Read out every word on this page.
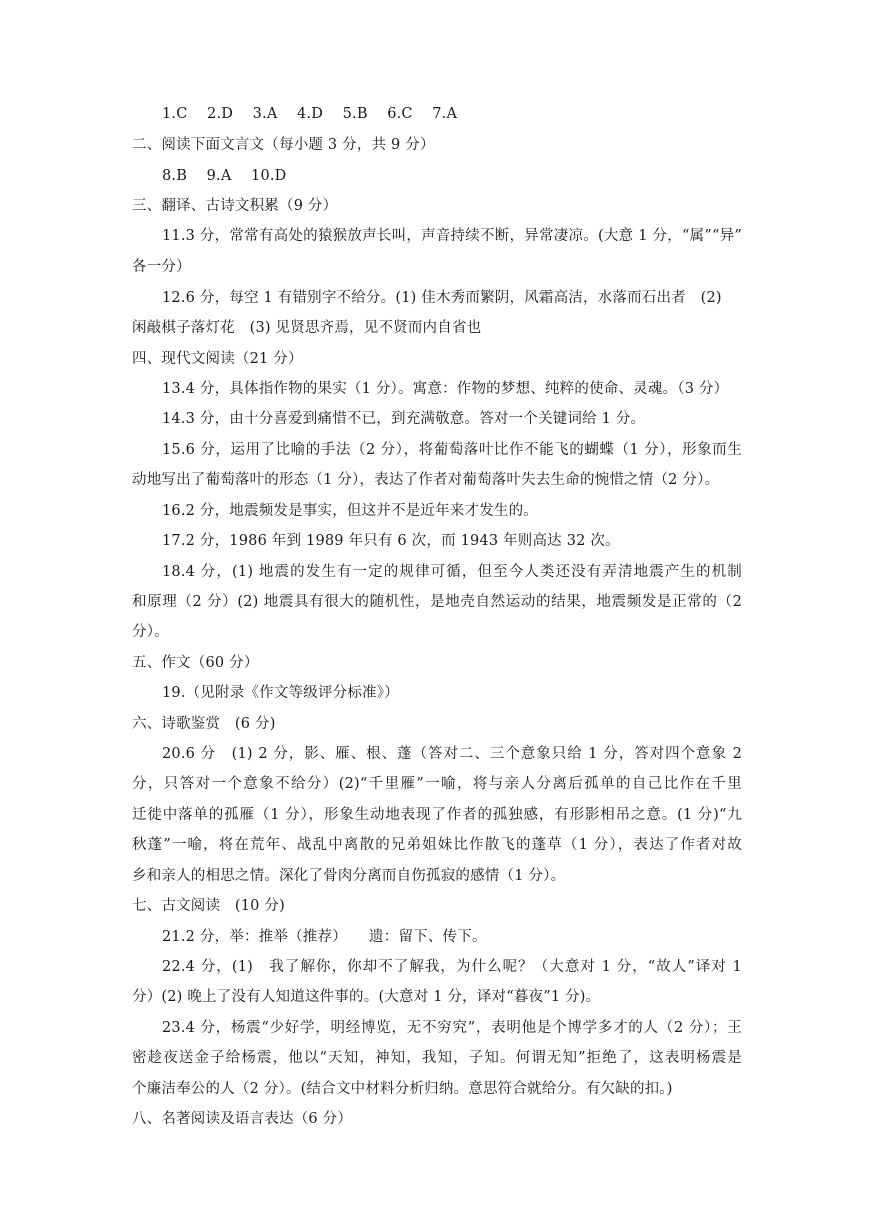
1.C　 2.D　 3.A　 4.D　 5.B　 6.C　 7.A
二、阅读下面文言文（每小题 3 分，共 9 分）
8.B　 9.A　 10.D
三、翻译、古诗文积累（9 分）
11.3 分，常常有高处的猿猴放声长叫，声音持续不断，异常凄凉。(大意 1 分，“属”“异”
各一分）
12.6 分，每空 1 有错别字不给分。(1) 佳木秀而繁阴，风霜高洁，水落而石出者　(2)
闲敲棋子落灯花　(3) 见贤思齐焉，见不贤而内自省也
四、现代文阅读（21 分）
13.4 分，具体指作物的果实（1 分）。寓意：作物的梦想、纯粹的使命、灵魂。（3 分）
14.3 分，由十分喜爱到痛惜不已，到充满敬意。答对一个关键词给 1 分。
15.6 分，运用了比喻的手法（2 分），将葡萄落叶比作不能飞的蝴蝶（1 分），形象而生
动地写出了葡萄落叶的形态（1 分），表达了作者对葡萄落叶失去生命的惋惜之情（2 分）。
16.2 分，地震频发是事实，但这并不是近年来才发生的。
17.2 分，1986 年到 1989 年只有 6 次，而 1943 年则高达 32 次。
18.4 分，(1) 地震的发生有一定的规律可循，但至今人类还没有弄清地震产生的机制
和原理（2 分）(2) 地震具有很大的随机性，是地壳自然运动的结果，地震频发是正常的（2
分）。
五、作文（60 分）
19.（见附录《作文等级评分标准》）
六、诗歌鉴赏　(6 分)
20.6 分　(1) 2 分，影、雁、根、蓬（答对二、三个意象只给 1 分，答对四个意象 2
分，只答对一个意象不给分）(2)“千里雁”一喻，将与亲人分离后孤单的自己比作在千里
迁徙中落单的孤雁（1 分），形象生动地表现了作者的孤独感，有形影相吊之意。(1 分)“九
秋蓬”一喻，将在荒年、战乱中离散的兄弟姐妹比作散飞的蓬草（1 分），表达了作者对故
乡和亲人的相思之情。深化了骨肉分离而自伤孤寂的感情（1 分）。
七、古文阅读　(10 分)
21.2 分，举：推举（推荐）　　遗：留下、传下。
22.4 分，(1)　我了解你，你却不了解我，为什么呢？（大意对 1 分，“故人”译对 1
分）(2) 晚上了没有人知道这件事的。(大意对 1 分，译对“暮夜”1 分)。
23.4 分，杨震“少好学，明经博览，无不穷究”，表明他是个博学多才的人（2 分）；王
密趁夜送金子给杨震，他以“天知，神知，我知，子知。何谓无知”拒绝了，这表明杨震是
个廉洁奉公的人（2 分）。(结合文中材料分析归纳。意思符合就给分。有欠缺的扣。)
八、名著阅读及语言表达（6 分）
